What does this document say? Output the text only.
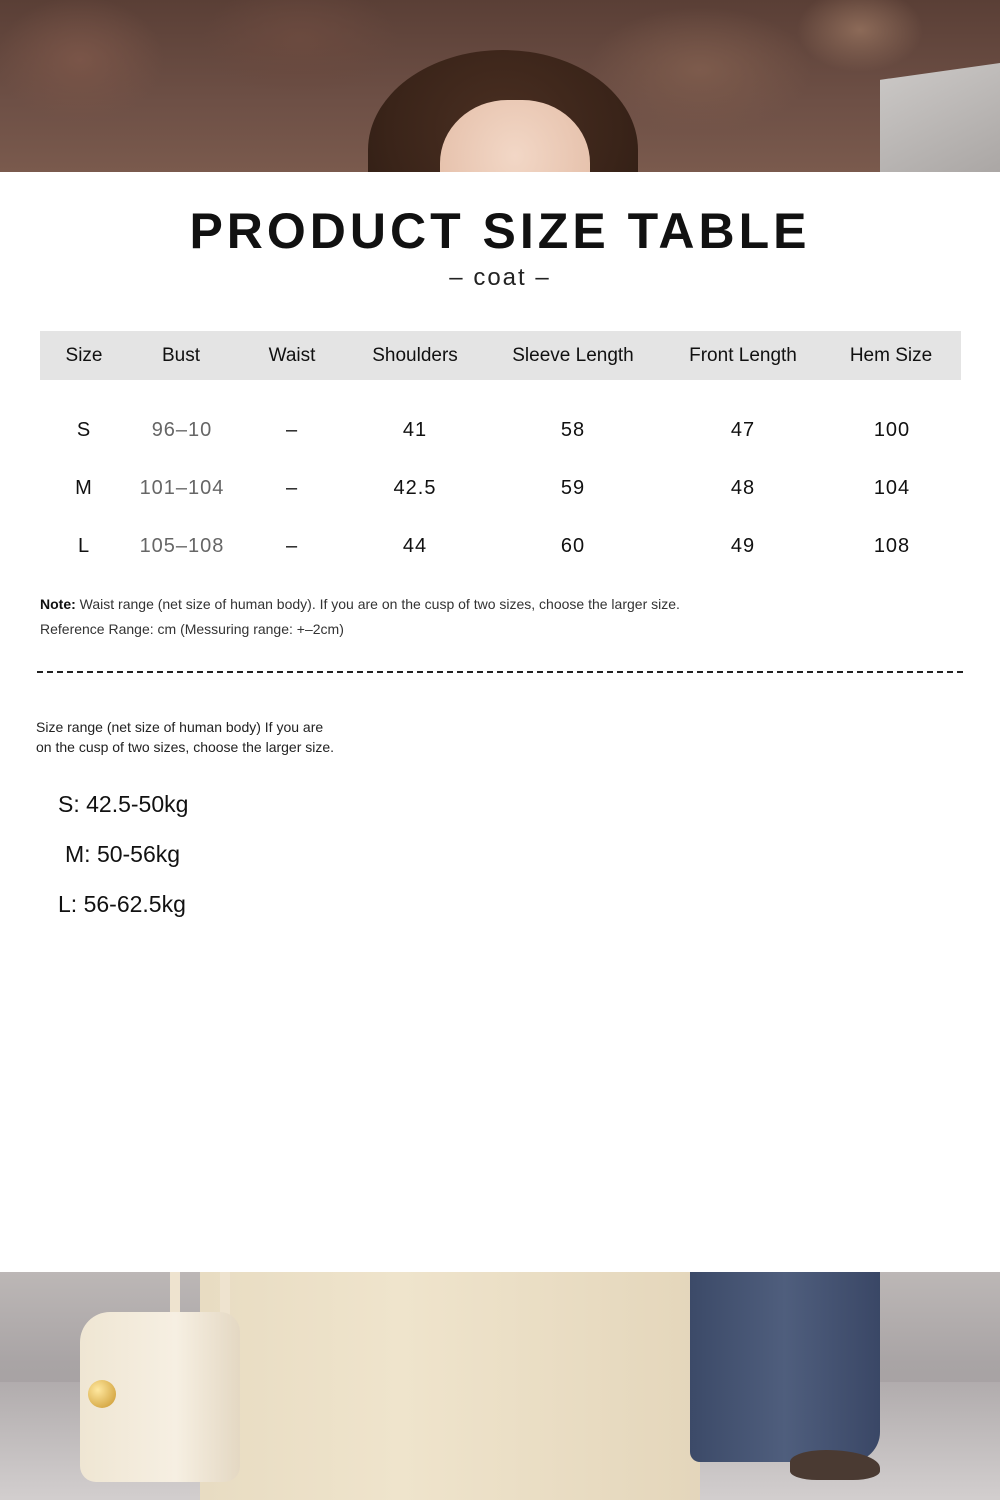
PRODUCT SIZE TABLE
– coat –
Size	Bust	Waist	Shoulders	Sleeve Length	Front Length	Hem Size
S	96–10	–	41	58	47	100
M 101–104	–	42.5	59	48	104
L 105–108	–	44	60	49	108
Note: Waist range (net size of human body). If you are on the cusp of two sizes, choose the larger size.
Reference Range: cm (Messuring range: +–2cm)
Size range (net size of human body) If you are
on the cusp of two sizes, choose the larger size.
S: 42.5-50kg
M: 50-56kg
L: 56-62.5kg
